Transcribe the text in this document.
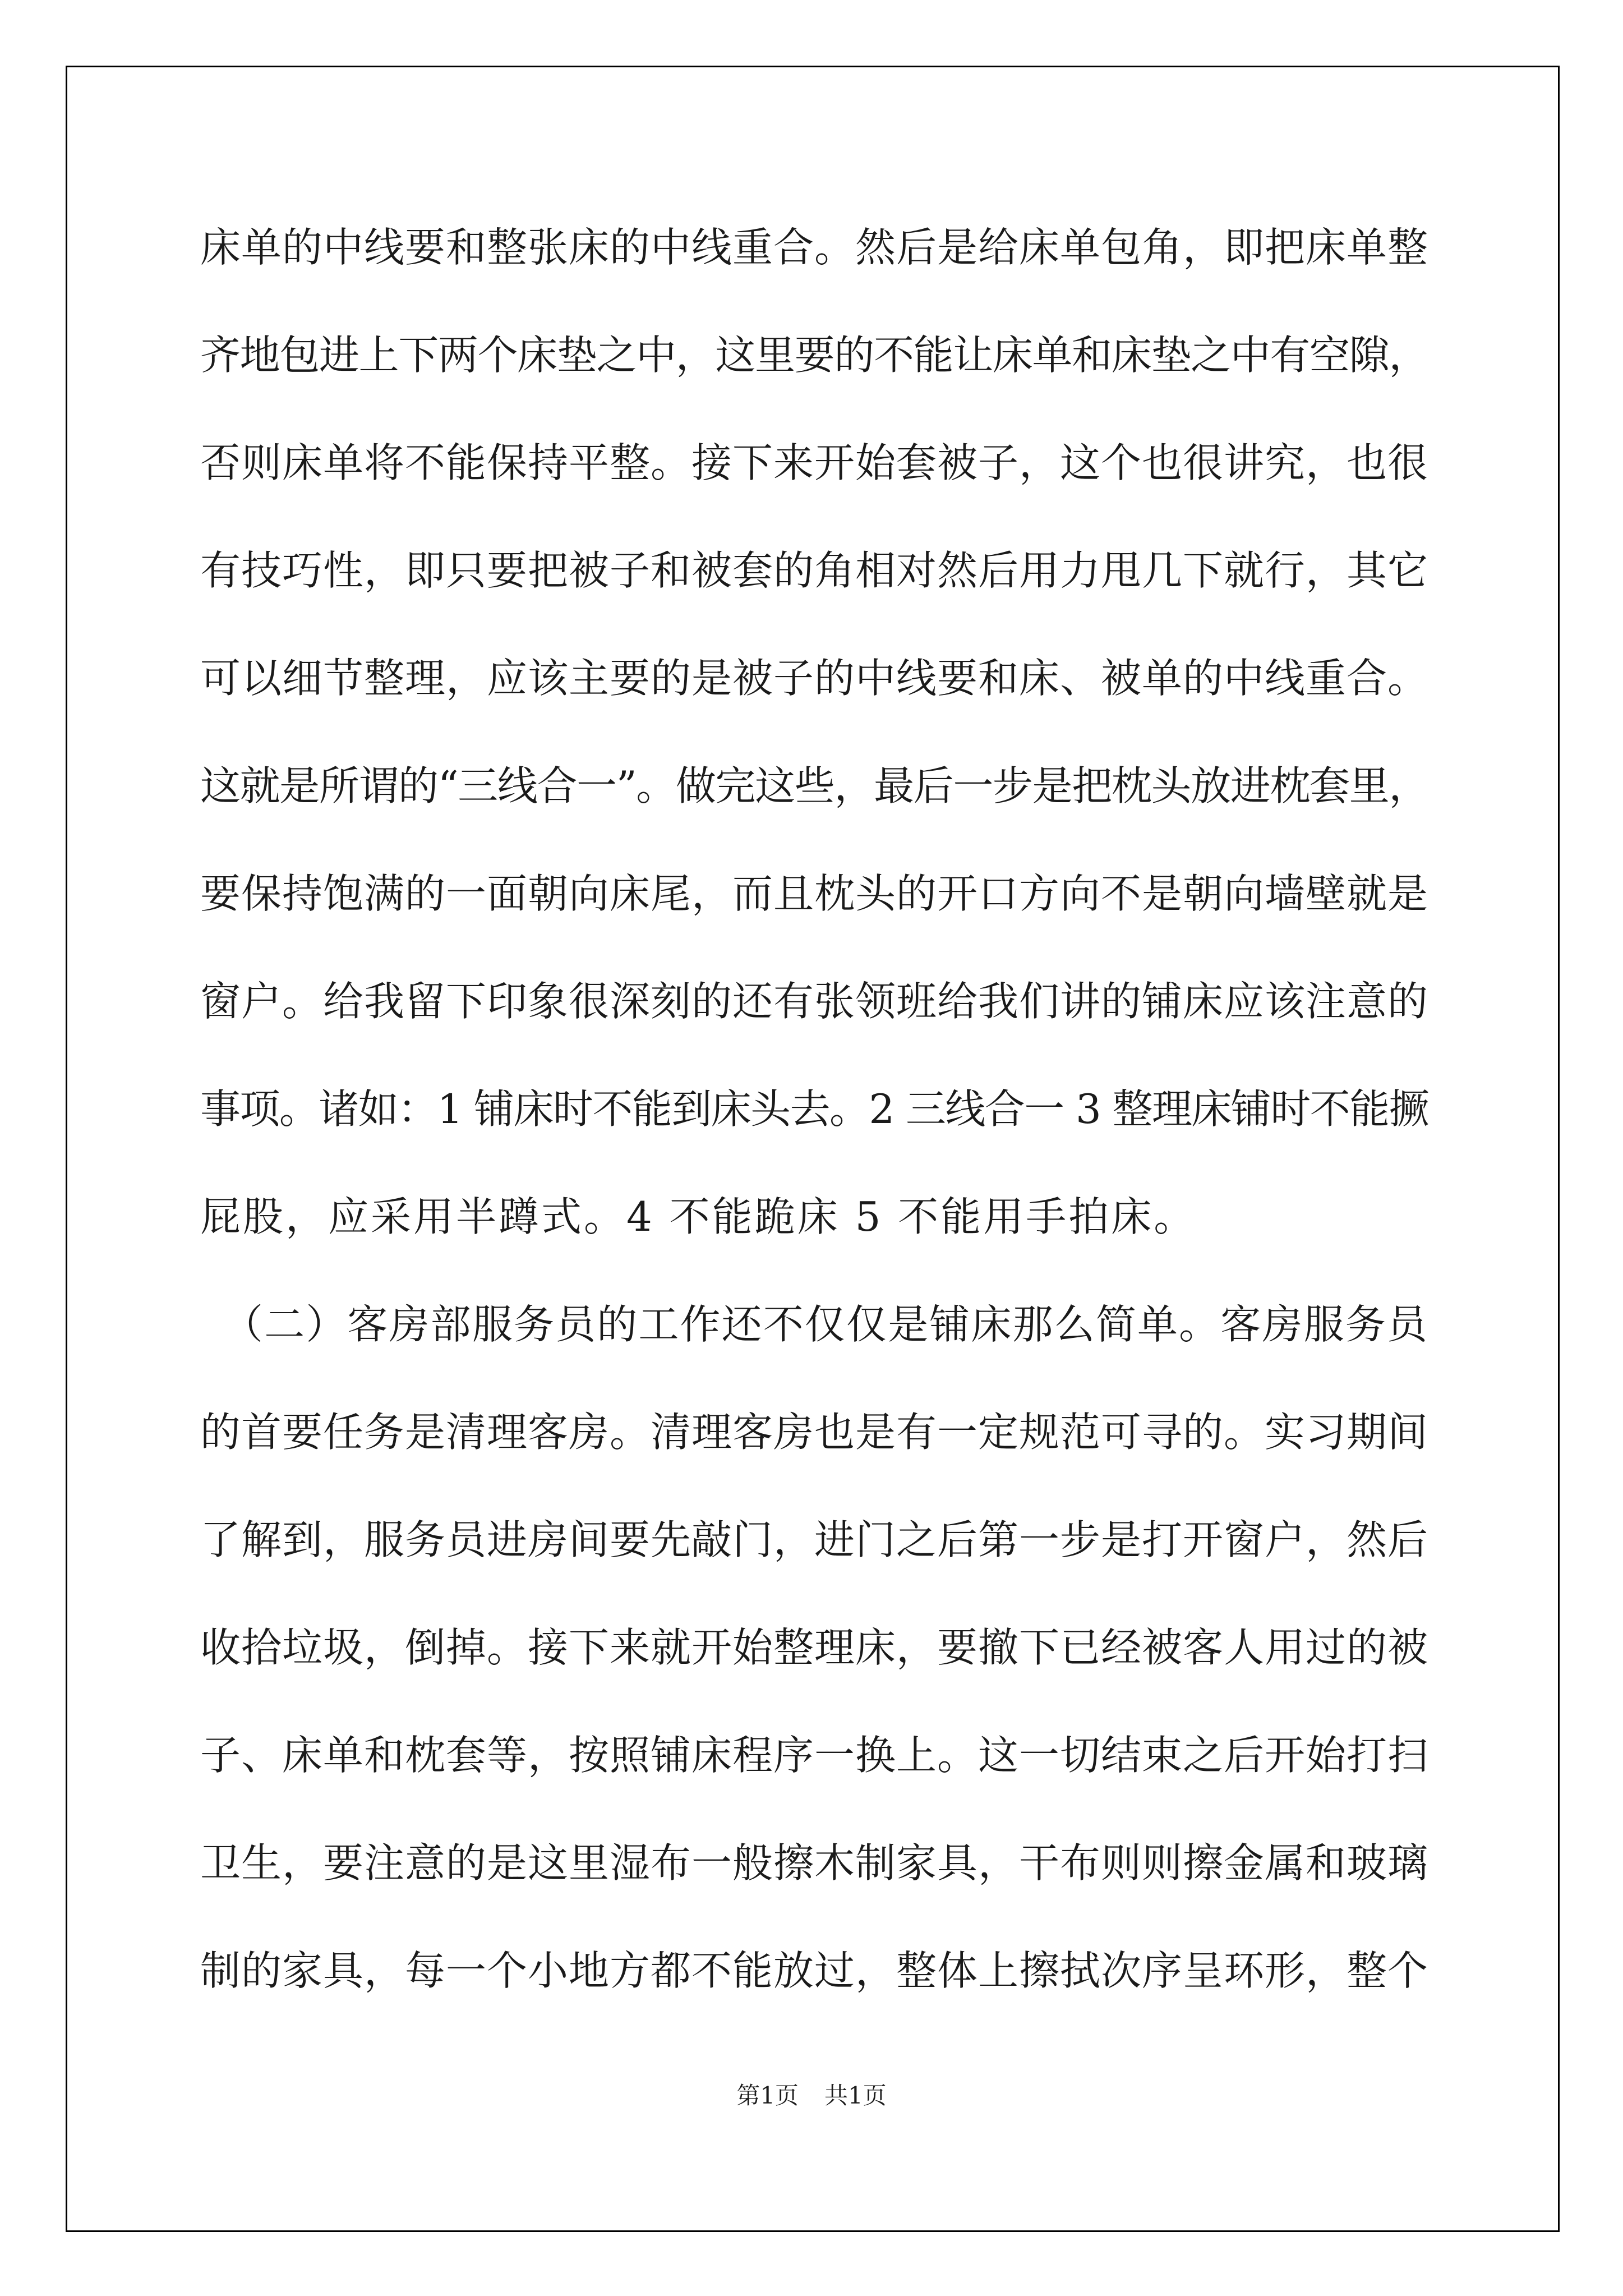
床单的中线要和整张床的中线重合。然后是给床单包角，即把床单整

齐地包进上下两个床垫之中，这里要的不能让床单和床垫之中有空隙，

否则床单将不能保持平整。接下来开始套被子，这个也很讲究，也很

有技巧性，即只要把被子和被套的角相对然后用力甩几下就行，其它

可以细节整理，应该主要的是被子的中线要和床、被单的中线重合。

这就是所谓的“三线合一”。做完这些，最后一步是把枕头放进枕套里，

要保持饱满的一面朝向床尾，而且枕头的开口方向不是朝向墙壁就是

窗户。给我留下印象很深刻的还有张领班给我们讲的铺床应该注意的

事项。诸如：1 铺床时不能到床头去。2 三线合一 3 整理床铺时不能撅

屁股，应采用半蹲式。4 不能跪床 5 不能用手拍床。

（二）客房部服务员的工作还不仅仅是铺床那么简单。客房服务员

的首要任务是清理客房。清理客房也是有一定规范可寻的。实习期间

了解到，服务员进房间要先敲门，进门之后第一步是打开窗户，然后

收拾垃圾，倒掉。接下来就开始整理床，要撤下已经被客人用过的被

子、床单和枕套等，按照铺床程序一换上。这一切结束之后开始打扫

卫生，要注意的是这里湿布一般擦木制家具，干布则则擦金属和玻璃

制的家具，每一个小地方都不能放过，整体上擦拭次序呈环形，整个

第1页 共1页
